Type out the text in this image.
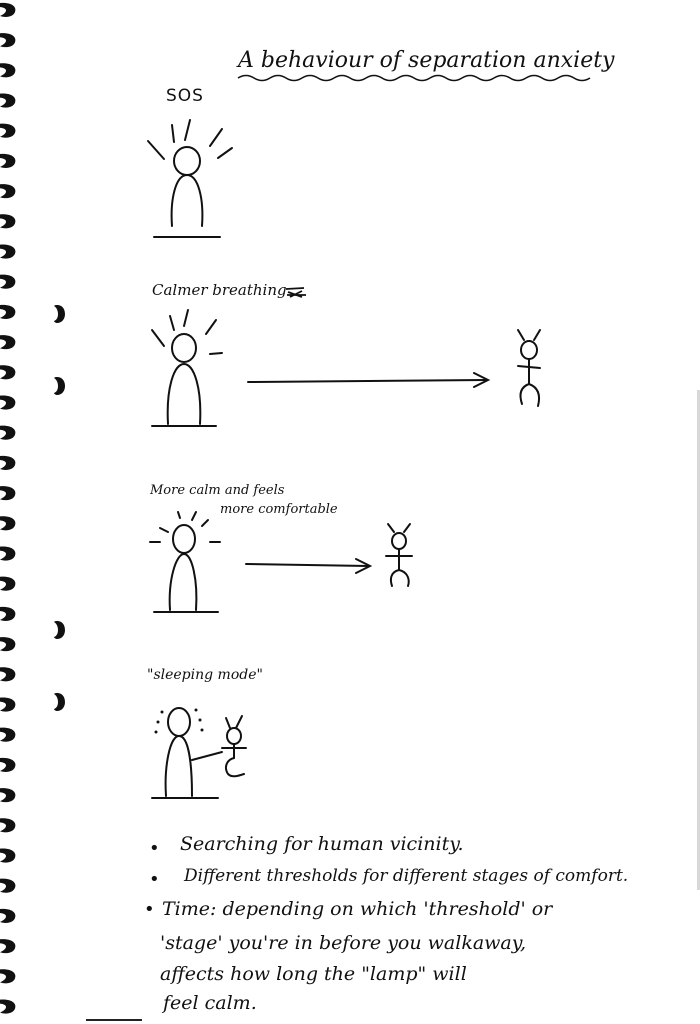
A behaviour of separation anxiety
SOS
Calmer breathing
More calm and feels
more comfortable
"sleeping mode"
•
•
•
Searching for human vicinity.
Different thresholds for different stages of comfort.
Time: depending on which 'threshold' or
'stage' you're in before you walkaway,
affects how long the "lamp" will
feel calm.
